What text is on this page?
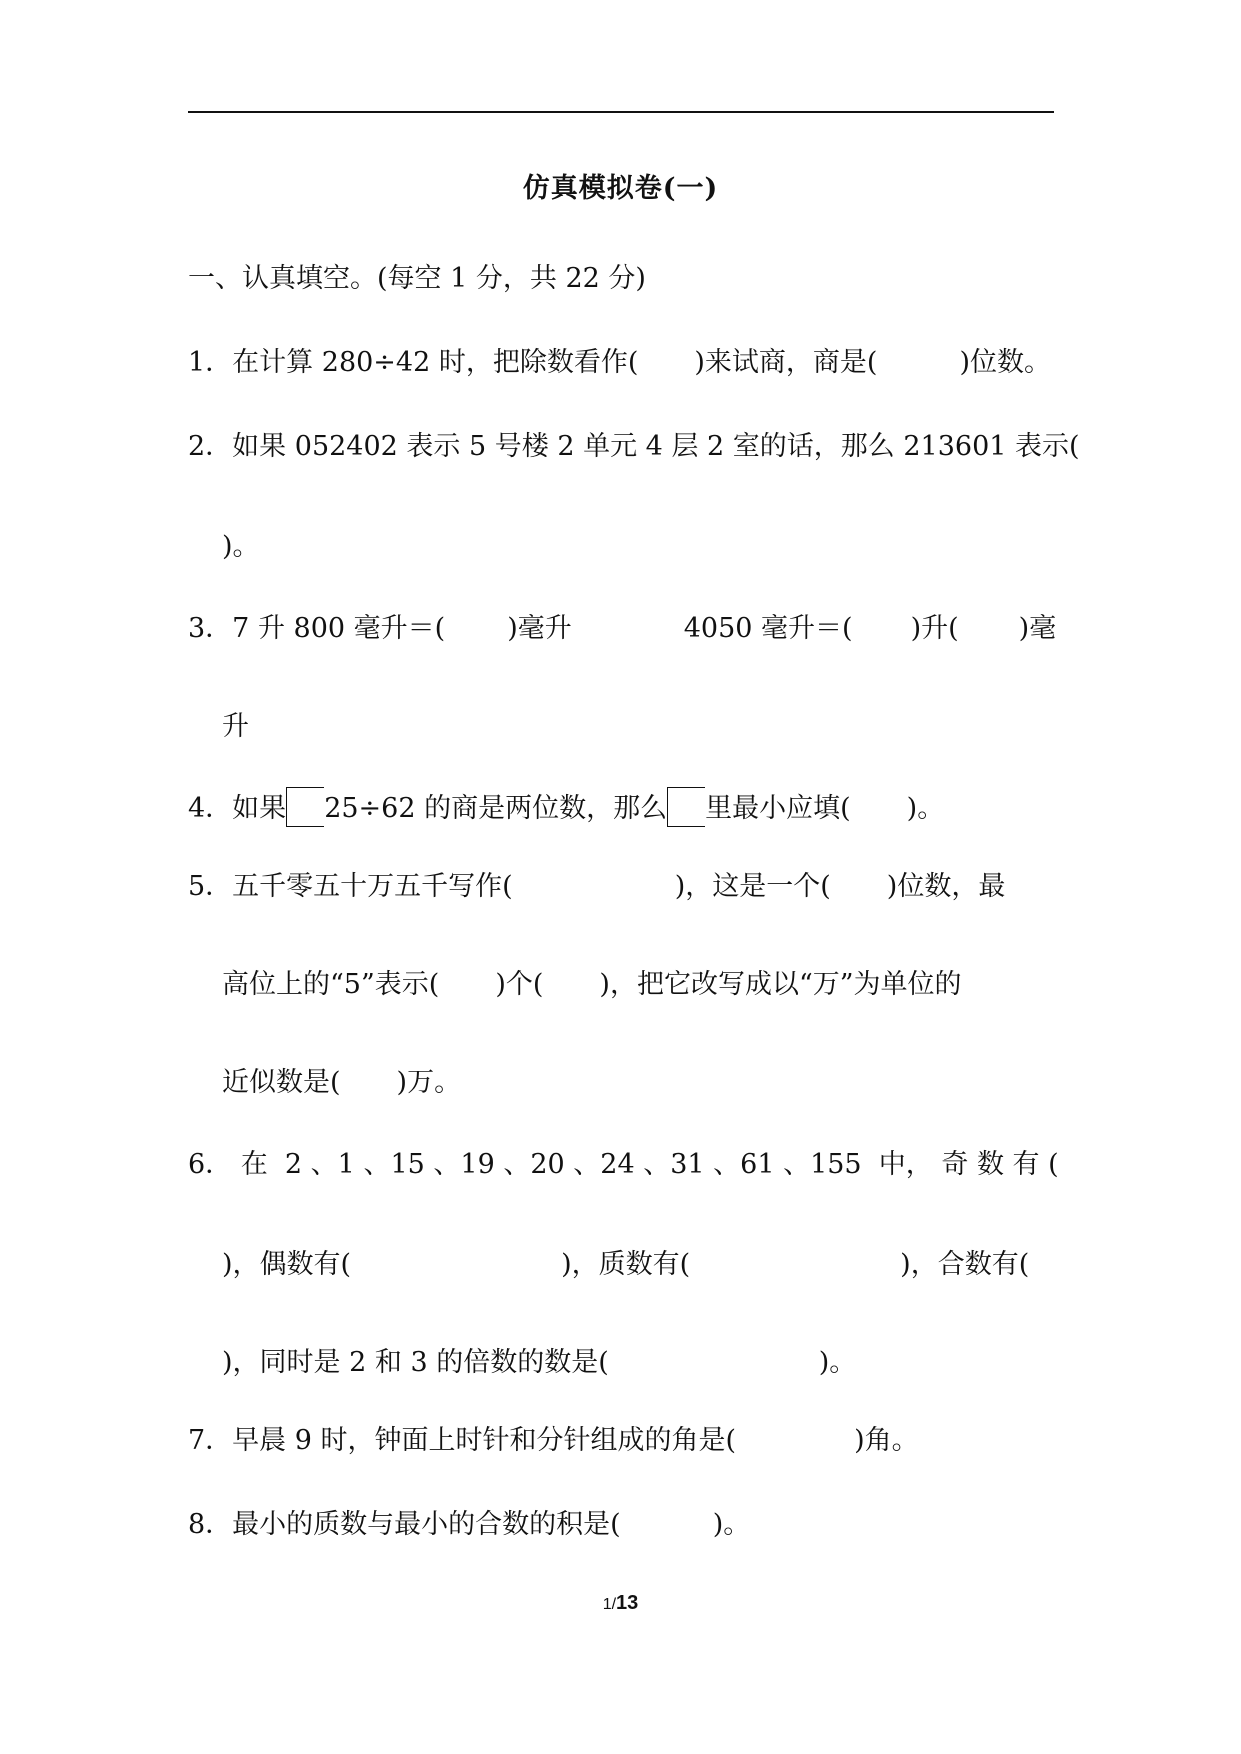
仿真模拟卷(一)
一、认真填空。(每空 1 分，共 22 分)
1．在计算 280÷42 时，把除数看作( )来试商，商是(	)位数。
2．如果 052402 表示 5 号楼 2 单元 4 层 2 室的话，那么 213601 表示(
)。
3．7 升 800 毫升＝( )毫升	4050 毫升＝( )升( )毫
升
4．如果 25÷62 的商是两位数，那么 里最小应填( )。
5．五千零五十万五千写作(	)，这是一个( )位数，最
高位上的“5”表示( )个( )，把它改写成以“万”为单位的
近似数是( )万。
6． 在  2 、1 、15 、19 、20 、24 、31 、61 、155  中， 奇 数 有 (
)，偶数有(	)，质数有(	)，合数有(
)，同时是 2 和 3 的倍数的数是(	)。
7．早晨 9 时，钟面上时针和分针组成的角是(	)角。
8．最小的质数与最小的合数的积是(	)。
1/13
